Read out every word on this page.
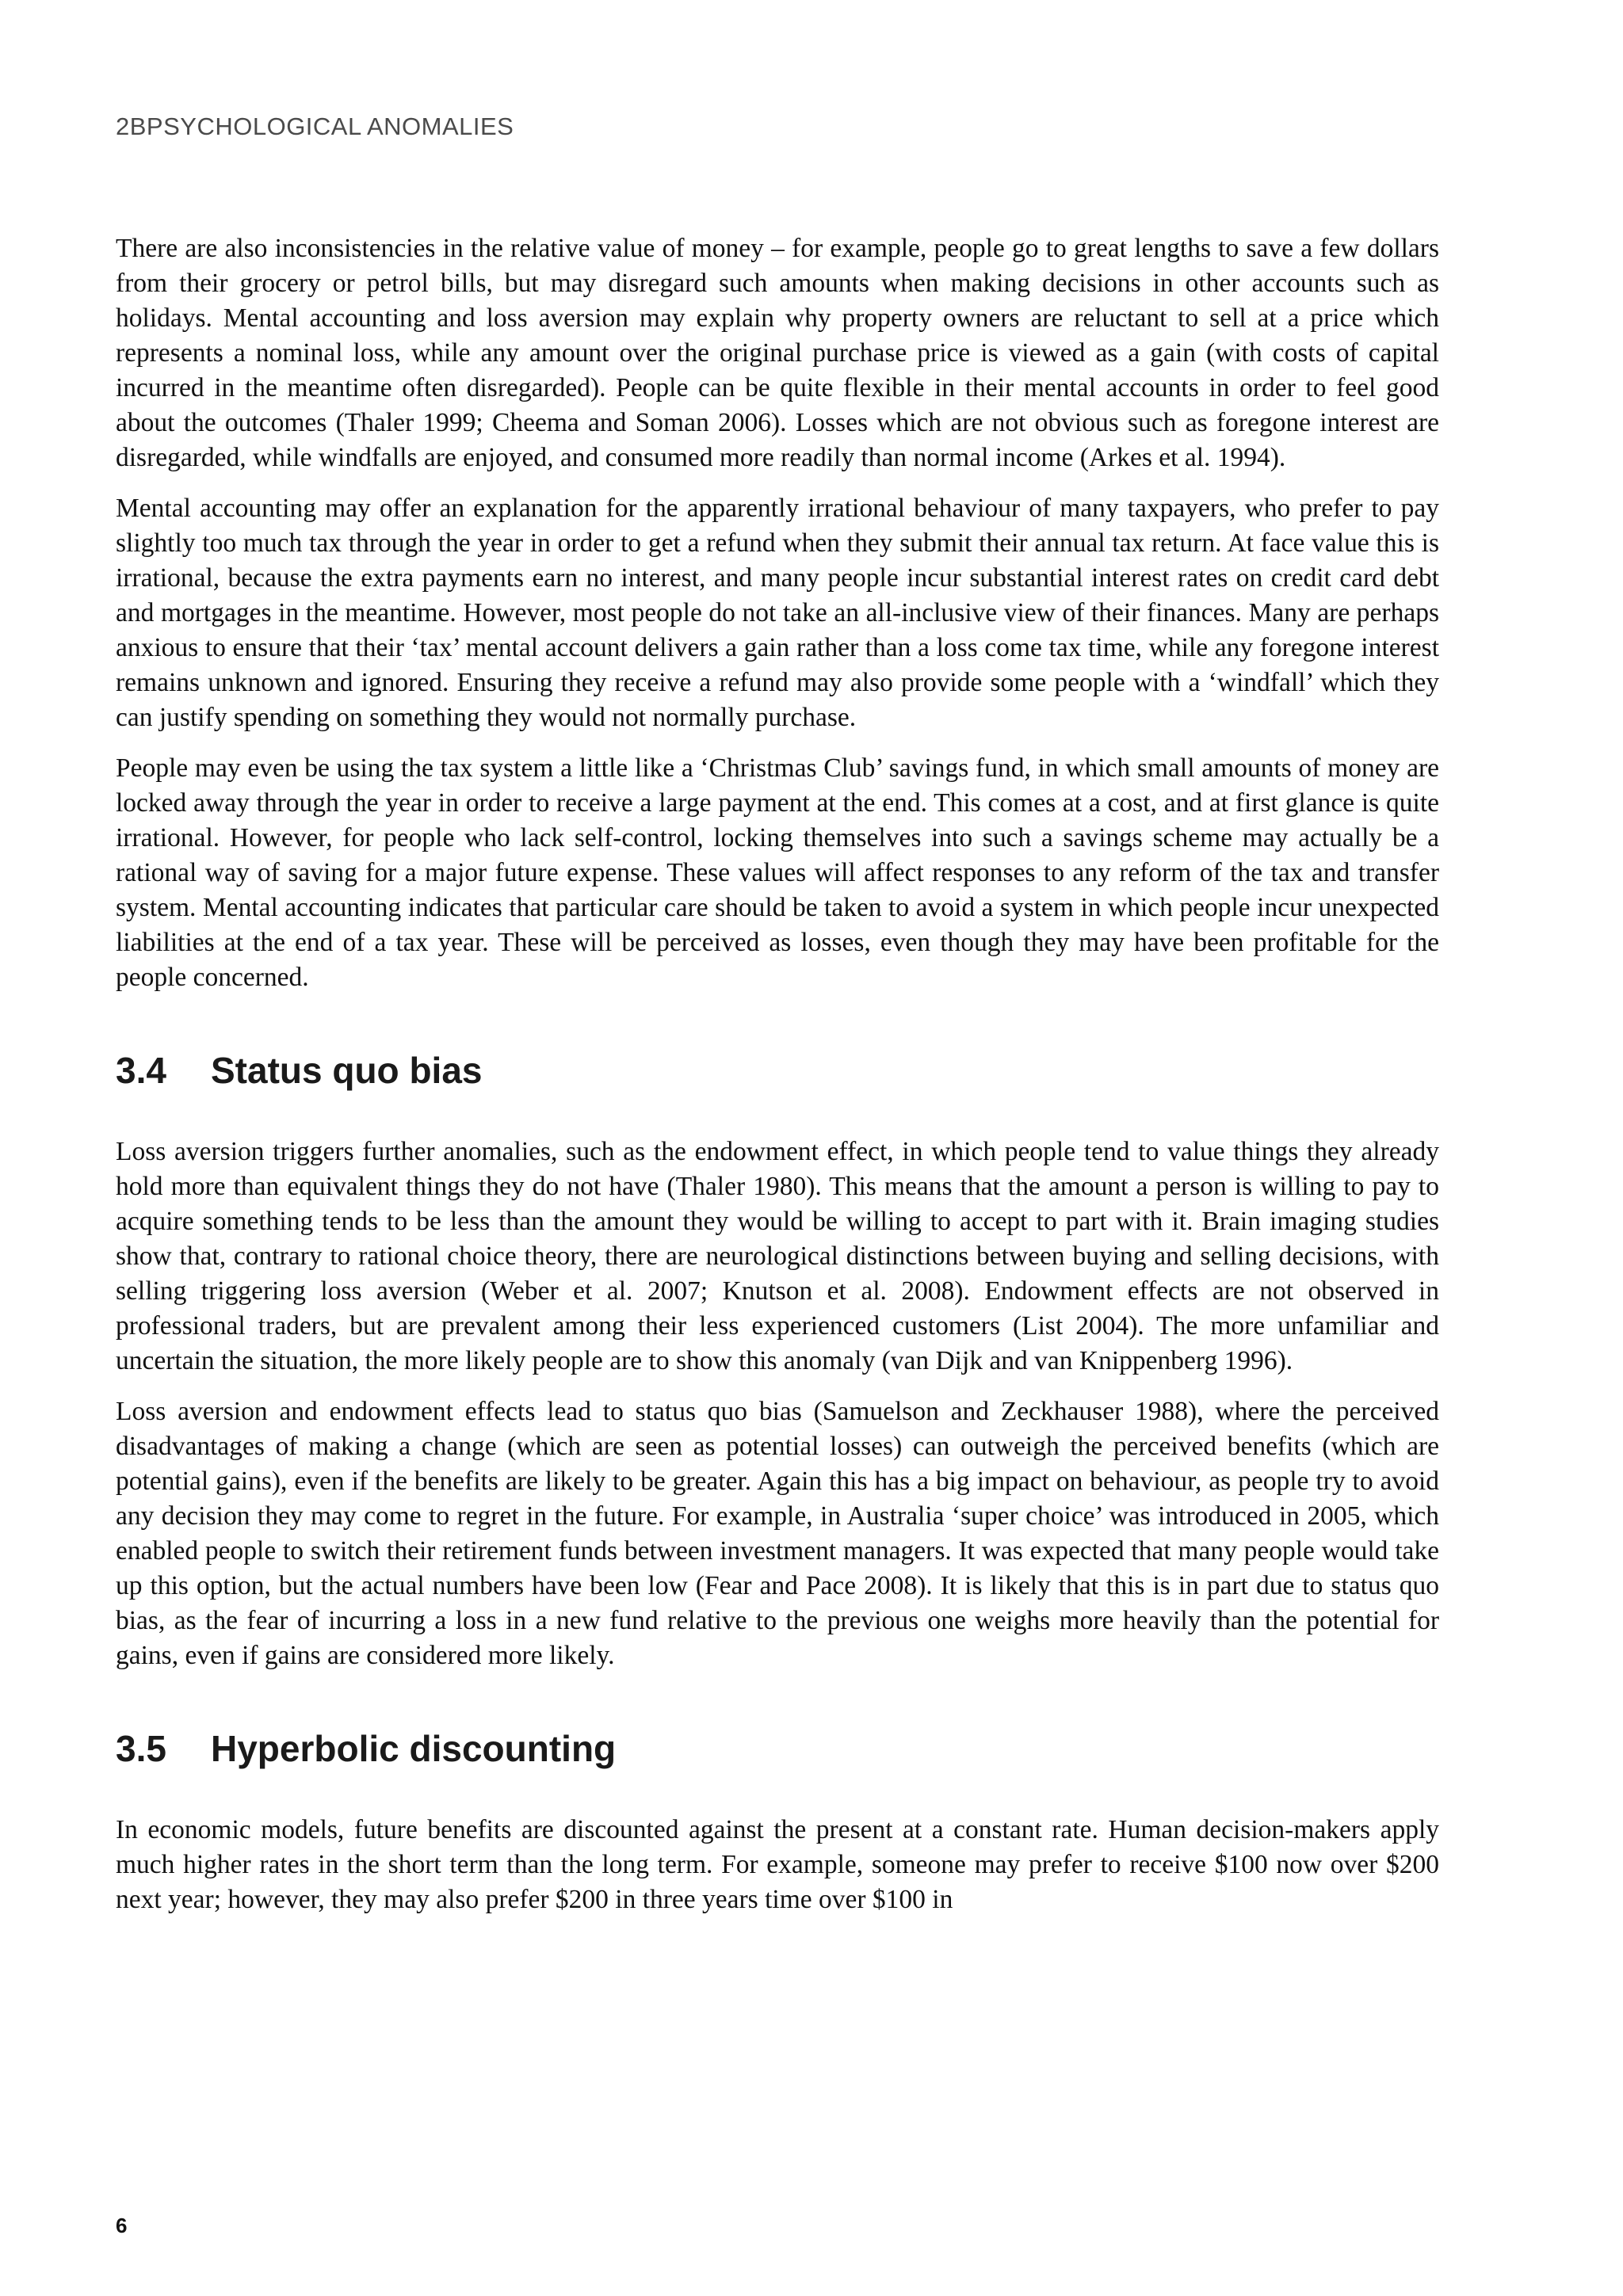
2BPSYCHOLOGICAL ANOMALIES

There are also inconsistencies in the relative value of money – for example, people go to great lengths to save a few dollars from their grocery or petrol bills, but may disregard such amounts when making decisions in other accounts such as holidays. Mental accounting and loss aversion may explain why property owners are reluctant to sell at a price which represents a nominal loss, while any amount over the original purchase price is viewed as a gain (with costs of capital incurred in the meantime often disregarded). People can be quite flexible in their mental accounts in order to feel good about the outcomes (Thaler 1999; Cheema and Soman 2006). Losses which are not obvious such as foregone interest are disregarded, while windfalls are enjoyed, and consumed more readily than normal income (Arkes et al. 1994).

Mental accounting may offer an explanation for the apparently irrational behaviour of many taxpayers, who prefer to pay slightly too much tax through the year in order to get a refund when they submit their annual tax return. At face value this is irrational, because the extra payments earn no interest, and many people incur substantial interest rates on credit card debt and mortgages in the meantime. However, most people do not take an all-inclusive view of their finances. Many are perhaps anxious to ensure that their ‘tax’ mental account delivers a gain rather than a loss come tax time, while any foregone interest remains unknown and ignored. Ensuring they receive a refund may also provide some people with a ‘windfall’ which they can justify spending on something they would not normally purchase.

People may even be using the tax system a little like a ‘Christmas Club’ savings fund, in which small amounts of money are locked away through the year in order to receive a large payment at the end. This comes at a cost, and at first glance is quite irrational. However, for people who lack self-control, locking themselves into such a savings scheme may actually be a rational way of saving for a major future expense. These values will affect responses to any reform of the tax and transfer system. Mental accounting indicates that particular care should be taken to avoid a system in which people incur unexpected liabilities at the end of a tax year. These will be perceived as losses, even though they may have been profitable for the people concerned.

3.4	Status quo bias

Loss aversion triggers further anomalies, such as the endowment effect, in which people tend to value things they already hold more than equivalent things they do not have (Thaler 1980). This means that the amount a person is willing to pay to acquire something tends to be less than the amount they would be willing to accept to part with it. Brain imaging studies show that, contrary to rational choice theory, there are neurological distinctions between buying and selling decisions, with selling triggering loss aversion (Weber et al. 2007; Knutson et al. 2008). Endowment effects are not observed in professional traders, but are prevalent among their less experienced customers (List 2004). The more unfamiliar and uncertain the situation, the more likely people are to show this anomaly (van Dijk and van Knippenberg 1996).

Loss aversion and endowment effects lead to status quo bias (Samuelson and Zeckhauser 1988), where the perceived disadvantages of making a change (which are seen as potential losses) can outweigh the perceived benefits (which are potential gains), even if the benefits are likely to be greater. Again this has a big impact on behaviour, as people try to avoid any decision they may come to regret in the future. For example, in Australia ‘super choice’ was introduced in 2005, which enabled people to switch their retirement funds between investment managers. It was expected that many people would take up this option, but the actual numbers have been low (Fear and Pace 2008). It is likely that this is in part due to status quo bias, as the fear of incurring a loss in a new fund relative to the previous one weighs more heavily than the potential for gains, even if gains are considered more likely.

3.5	Hyperbolic discounting

In economic models, future benefits are discounted against the present at a constant rate. Human decision-makers apply much higher rates in the short term than the long term. For example, someone may prefer to receive $100 now over $200 next year; however, they may also prefer $200 in three years time over $100 in

6
